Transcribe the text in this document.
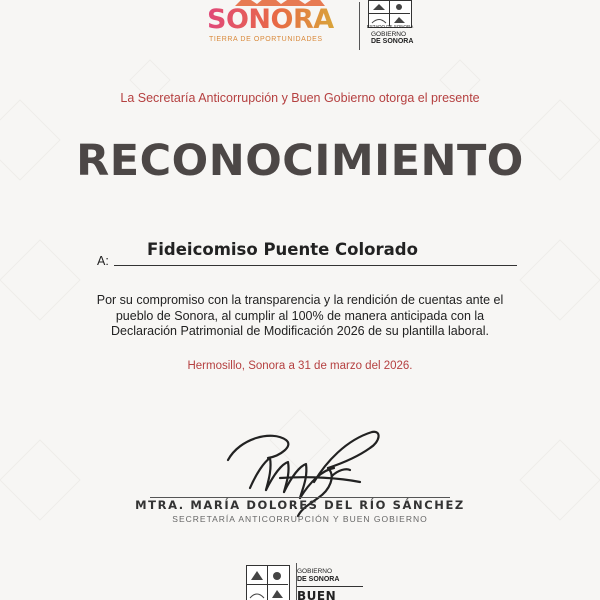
SONORA
TIERRA DE OPORTUNIDADES
ESTADO DE SONORA
GOBIERNO
DE SONORA
La Secretaría Anticorrupción y Buen Gobierno otorga el presente
RECONOCIMIENTO
A:
Fideicomiso Puente Colorado
Por su compromiso con la transparencia y la rendición de cuentas ante el
pueblo de Sonora, al cumplir al 100% de manera anticipada con la
Declaración Patrimonial de Modificación 2026 de su plantilla laboral.
Hermosillo, Sonora a 31 de marzo del 2026.
MTRA. MARÍA DOLORES DEL RÍO SÁNCHEZ
SECRETARÍA ANTICORRUPCIÓN Y BUEN GOBIERNO
GOBIERNO
DE SONORA
BUEN
